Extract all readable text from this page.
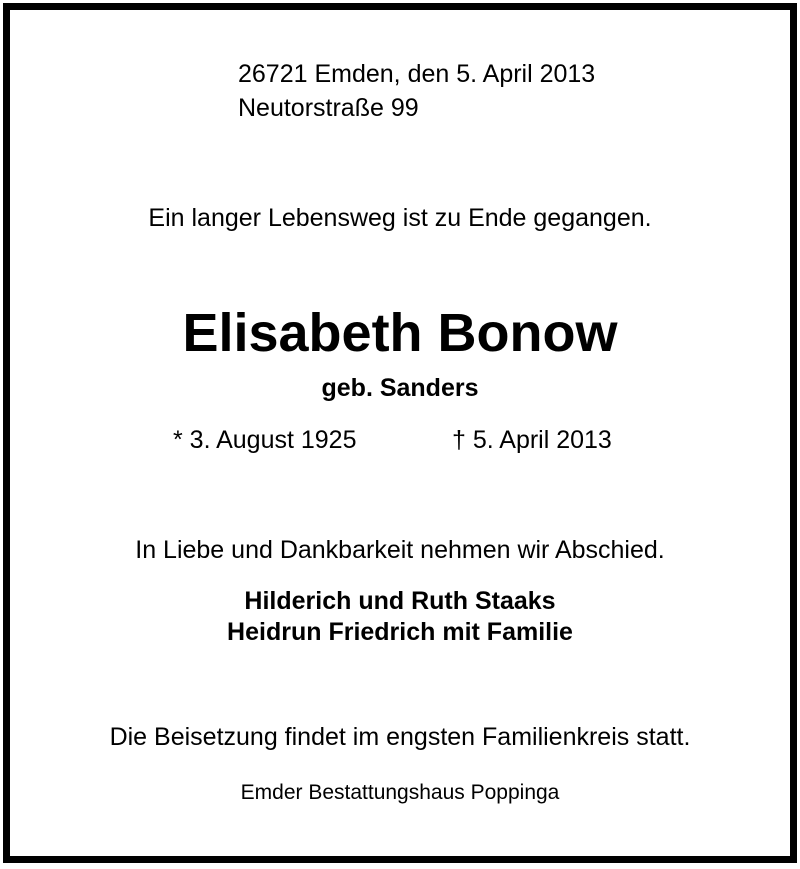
26721 Emden, den 5. April 2013
Neutorstraße 99
Ein langer Lebensweg ist zu Ende gegangen.
Elisabeth Bonow
geb. Sanders
* 3. August 1925	† 5. April 2013
In Liebe und Dankbarkeit nehmen wir Abschied.
Hilderich und Ruth Staaks
Heidrun Friedrich mit Familie
Die Beisetzung findet im engsten Familienkreis statt.
Emder Bestattungshaus Poppinga
